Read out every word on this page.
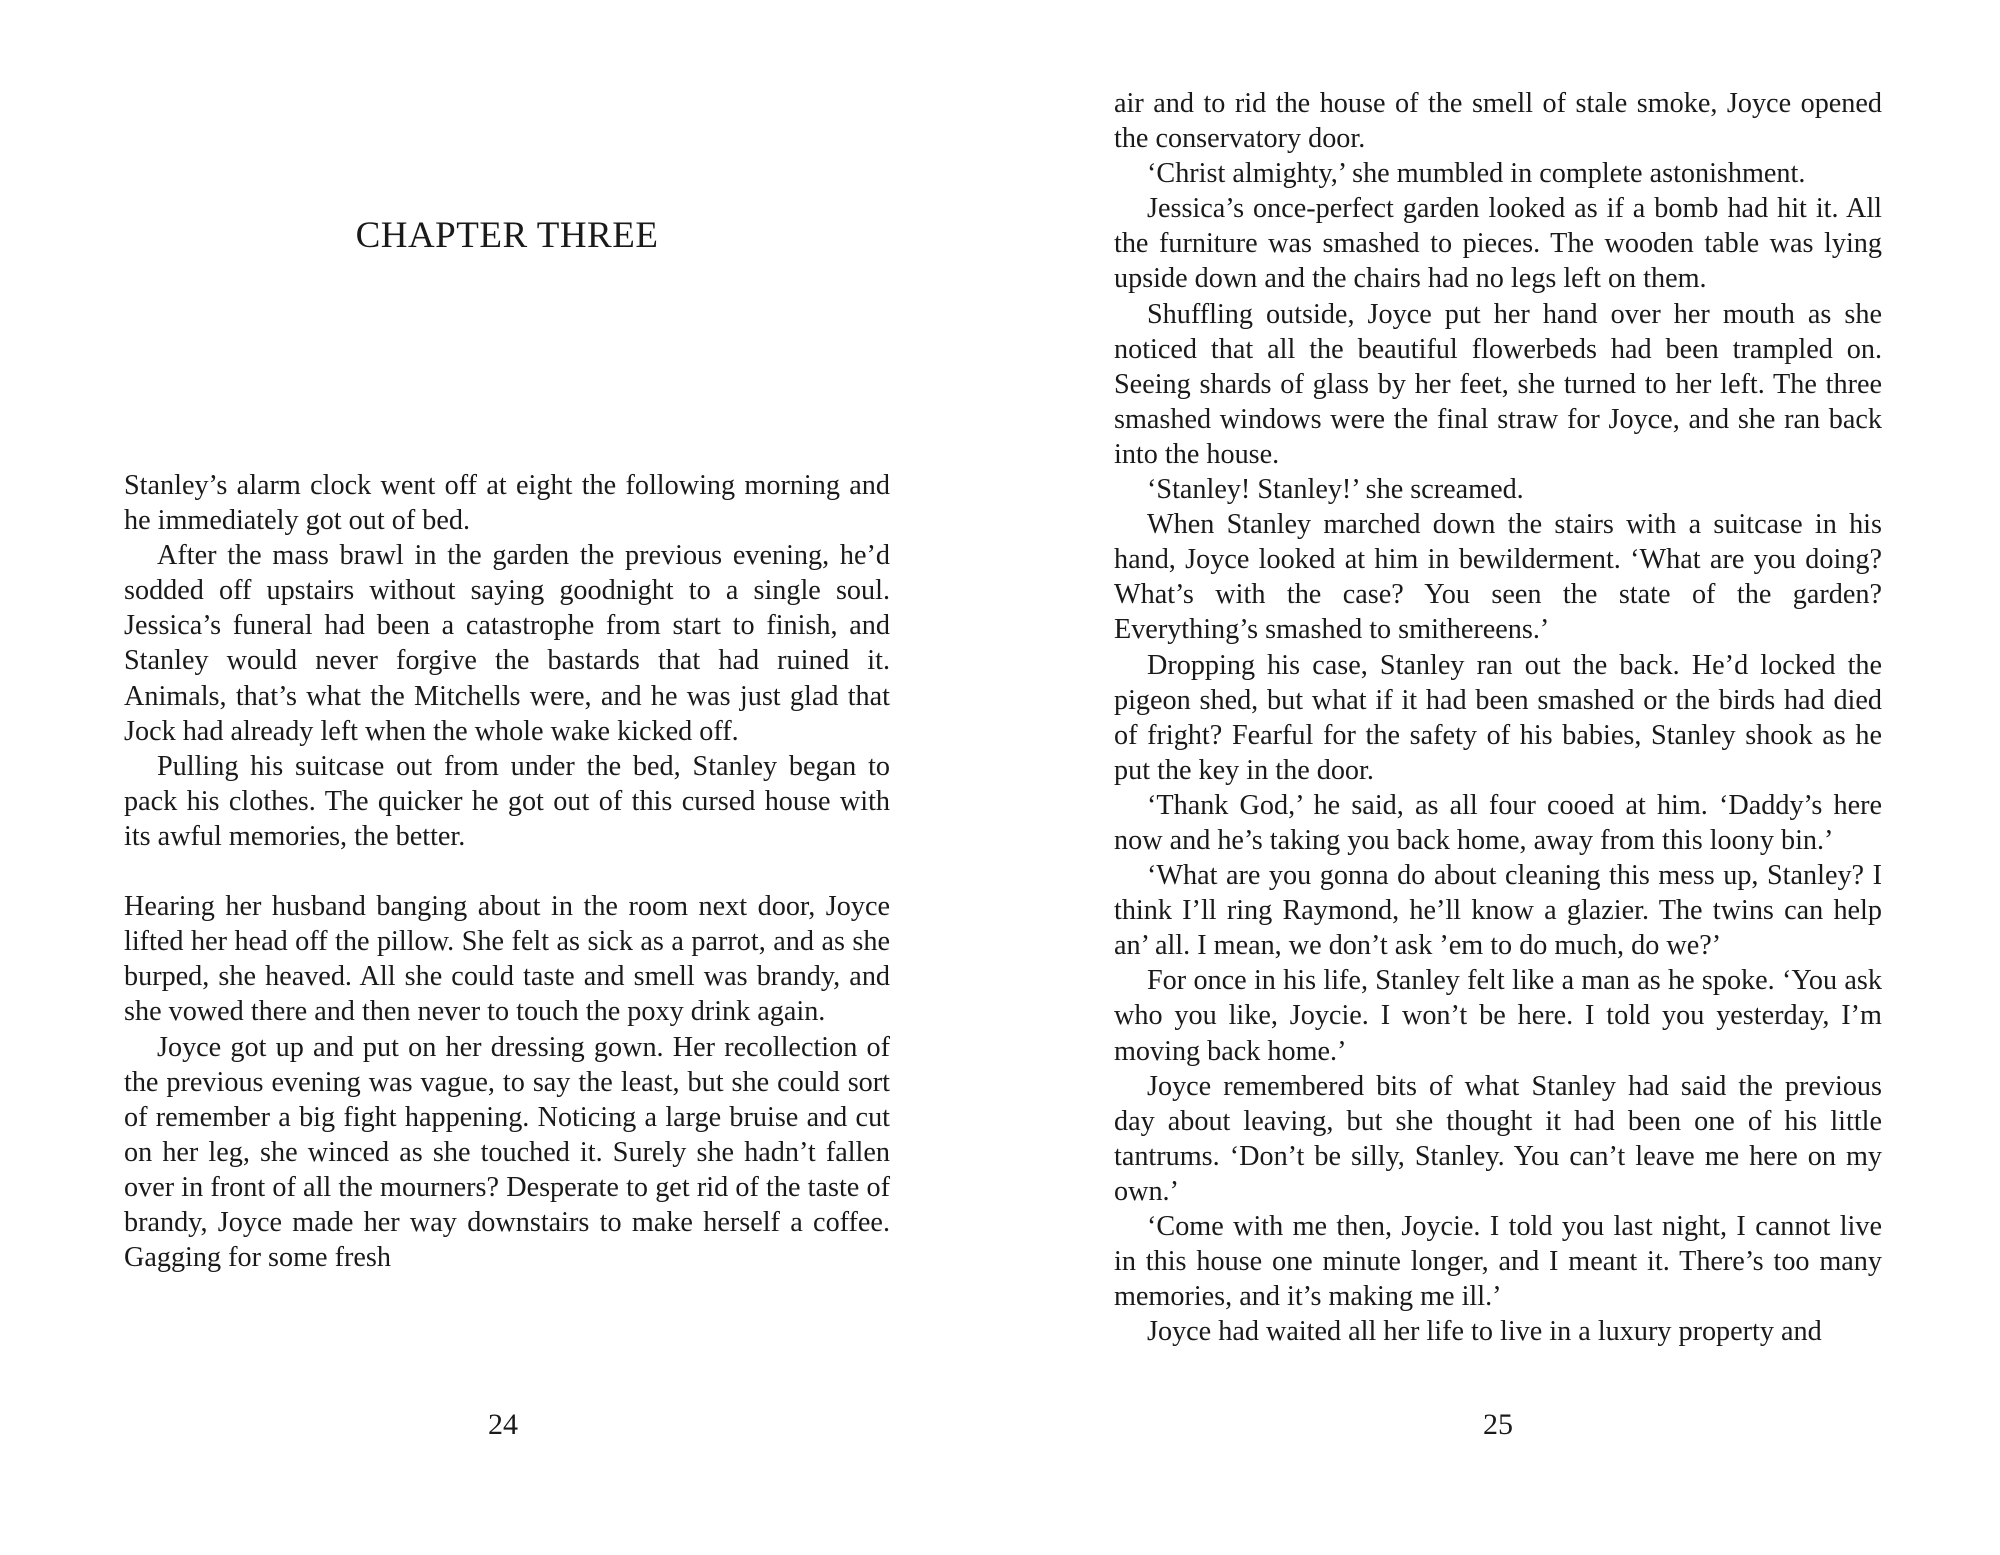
CHAPTER THREE

Stanley’s alarm clock went off at eight the following morning and he immediately got out of bed.

After the mass brawl in the garden the previous evening, he’d sodded off upstairs without saying goodnight to a single soul. Jessica’s funeral had been a catastrophe from start to finish, and Stanley would never forgive the bastards that had ruined it. Animals, that’s what the Mitchells were, and he was just glad that Jock had already left when the whole wake kicked off.

Pulling his suitcase out from under the bed, Stanley began to pack his clothes. The quicker he got out of this cursed house with its awful memories, the better.

Hearing her husband banging about in the room next door, Joyce lifted her head off the pillow. She felt as sick as a parrot, and as she burped, she heaved. All she could taste and smell was brandy, and she vowed there and then never to touch the poxy drink again.

Joyce got up and put on her dressing gown. Her recollection of the previous evening was vague, to say the least, but she could sort of remember a big fight happening. Noticing a large bruise and cut on her leg, she winced as she touched it. Surely she hadn’t fallen over in front of all the mourners? Desperate to get rid of the taste of brandy, Joyce made her way downstairs to make herself a coffee. Gagging for some fresh

24

air and to rid the house of the smell of stale smoke, Joyce opened the conservatory door.

‘Christ almighty,’ she mumbled in complete astonishment.

Jessica’s once-perfect garden looked as if a bomb had hit it. All the furniture was smashed to pieces. The wooden table was lying upside down and the chairs had no legs left on them.

Shuffling outside, Joyce put her hand over her mouth as she noticed that all the beautiful flowerbeds had been trampled on. Seeing shards of glass by her feet, she turned to her left. The three smashed windows were the final straw for Joyce, and she ran back into the house.

‘Stanley! Stanley!’ she screamed.

When Stanley marched down the stairs with a suitcase in his hand, Joyce looked at him in bewilderment. ‘What are you doing? What’s with the case? You seen the state of the garden? Everything’s smashed to smithereens.’

Dropping his case, Stanley ran out the back. He’d locked the pigeon shed, but what if it had been smashed or the birds had died of fright? Fearful for the safety of his babies, Stanley shook as he put the key in the door.

‘Thank God,’ he said, as all four cooed at him. ‘Daddy’s here now and he’s taking you back home, away from this loony bin.’

‘What are you gonna do about cleaning this mess up, Stanley? I think I’ll ring Raymond, he’ll know a glazier. The twins can help an’ all. I mean, we don’t ask ’em to do much, do we?’

For once in his life, Stanley felt like a man as he spoke. ‘You ask who you like, Joycie. I won’t be here. I told you yesterday, I’m moving back home.’

Joyce remembered bits of what Stanley had said the previous day about leaving, but she thought it had been one of his little tantrums. ‘Don’t be silly, Stanley. You can’t leave me here on my own.’

‘Come with me then, Joycie. I told you last night, I cannot live in this house one minute longer, and I meant it. There’s too many memories, and it’s making me ill.’

Joyce had waited all her life to live in a luxury property and

25
